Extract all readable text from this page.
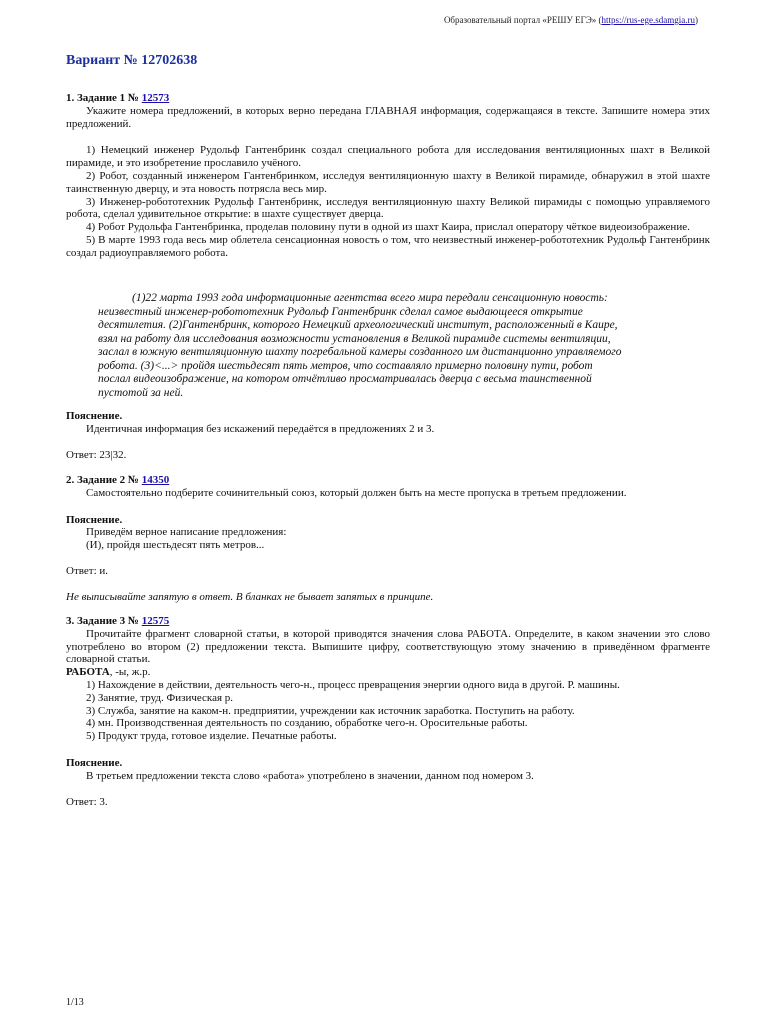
Образовательный портал «РЕШУ ЕГЭ» (https://rus-ege.sdamgia.ru)
Вариант № 12702638

1. Задание 1 № 12573

Укажите номера предложений, в которых верно передана ГЛАВНАЯ информация, содержащаяся в тексте. Запишите номера этих предложений.

1) Немецкий инженер Рудольф Гантенбринк создал специального робота для исследования вентиляционных шахт в Великой пирамиде, и это изобретение прославило учёного.

2) Робот, созданный инженером Гантенбринком, исследуя вентиляционную шахту в Великой пирамиде, обнаружил в этой шахте таинственную дверцу, и эта новость потрясла весь мир.

3) Инженер-робототехник Рудольф Гантенбринк, исследуя вентиляционную шахту Великой пирамиды с помощью управляемого робота, сделал удивительное открытие: в шахте существует дверца.

4) Робот Рудольфа Гантенбринка, проделав половину пути в одной из шахт Каира, прислал оператору чёткое видеоизображение.

5) В марте 1993 года весь мир облетела сенсационная новость о том, что неизвестный инженер-робототехник Рудольф Гантенбринк создал радиоуправляемого робота.

(1)22 марта 1993 года информационные агентства всего мира передали сенсационную новость: неизвестный инженер-робототехник Рудольф Гантенбринк сделал самое выдающееся открытие десятилетия. (2)Гантенбринк, которого Немецкий археологический институт, расположенный в Каире, взял на работу для исследования возможности установления в Великой пирамиде системы вентиляции, заслал в южную вентиляционную шахту погребальной камеры созданного им дистанционно управляемого робота. (3)<...> пройдя шестьдесят пять метров, что составляло примерно половину пути, робот послал видеоизображение, на котором отчётливо просматривалась дверца с весьма таинственной пустотой за ней.

Пояснение.

Идентичная информация без искажений передаётся в предложениях 2 и 3.

Ответ: 23|32.

2. Задание 2 № 14350

Самостоятельно подберите сочинительный союз, который должен быть на месте пропуска в третьем предложении.

Пояснение.

Приведём верное написание предложения:

(И), пройдя шестьдесят пять метров...

Ответ: и.

Не выписывайте запятую в ответ. В бланках не бывает запятых в принципе.

3. Задание 3 № 12575

Прочитайте фрагмент словарной статьи, в которой приводятся значения слова РАБОТА. Определите, в каком значении это слово употреблено во втором (2) предложении текста. Выпишите цифру, соответствующую этому значению в приведённом фрагменте словарной статьи.

РАБОТА, -ы, ж.р.

1) Нахождение в действии, деятельность чего-н., процесс превращения энергии одного вида в другой. Р. машины.

2) Занятие, труд. Физическая р.

3) Служба, занятие на каком-н. предприятии, учреждении как источник заработка. Поступить на работу.

4) мн. Производственная деятельность по созданию, обработке чего-н. Оросительные работы.

5) Продукт труда, готовое изделие. Печатные работы.

Пояснение.

В третьем предложении текста слово «работа» употреблено в значении, данном под номером 3.

Ответ: 3.

1/13
